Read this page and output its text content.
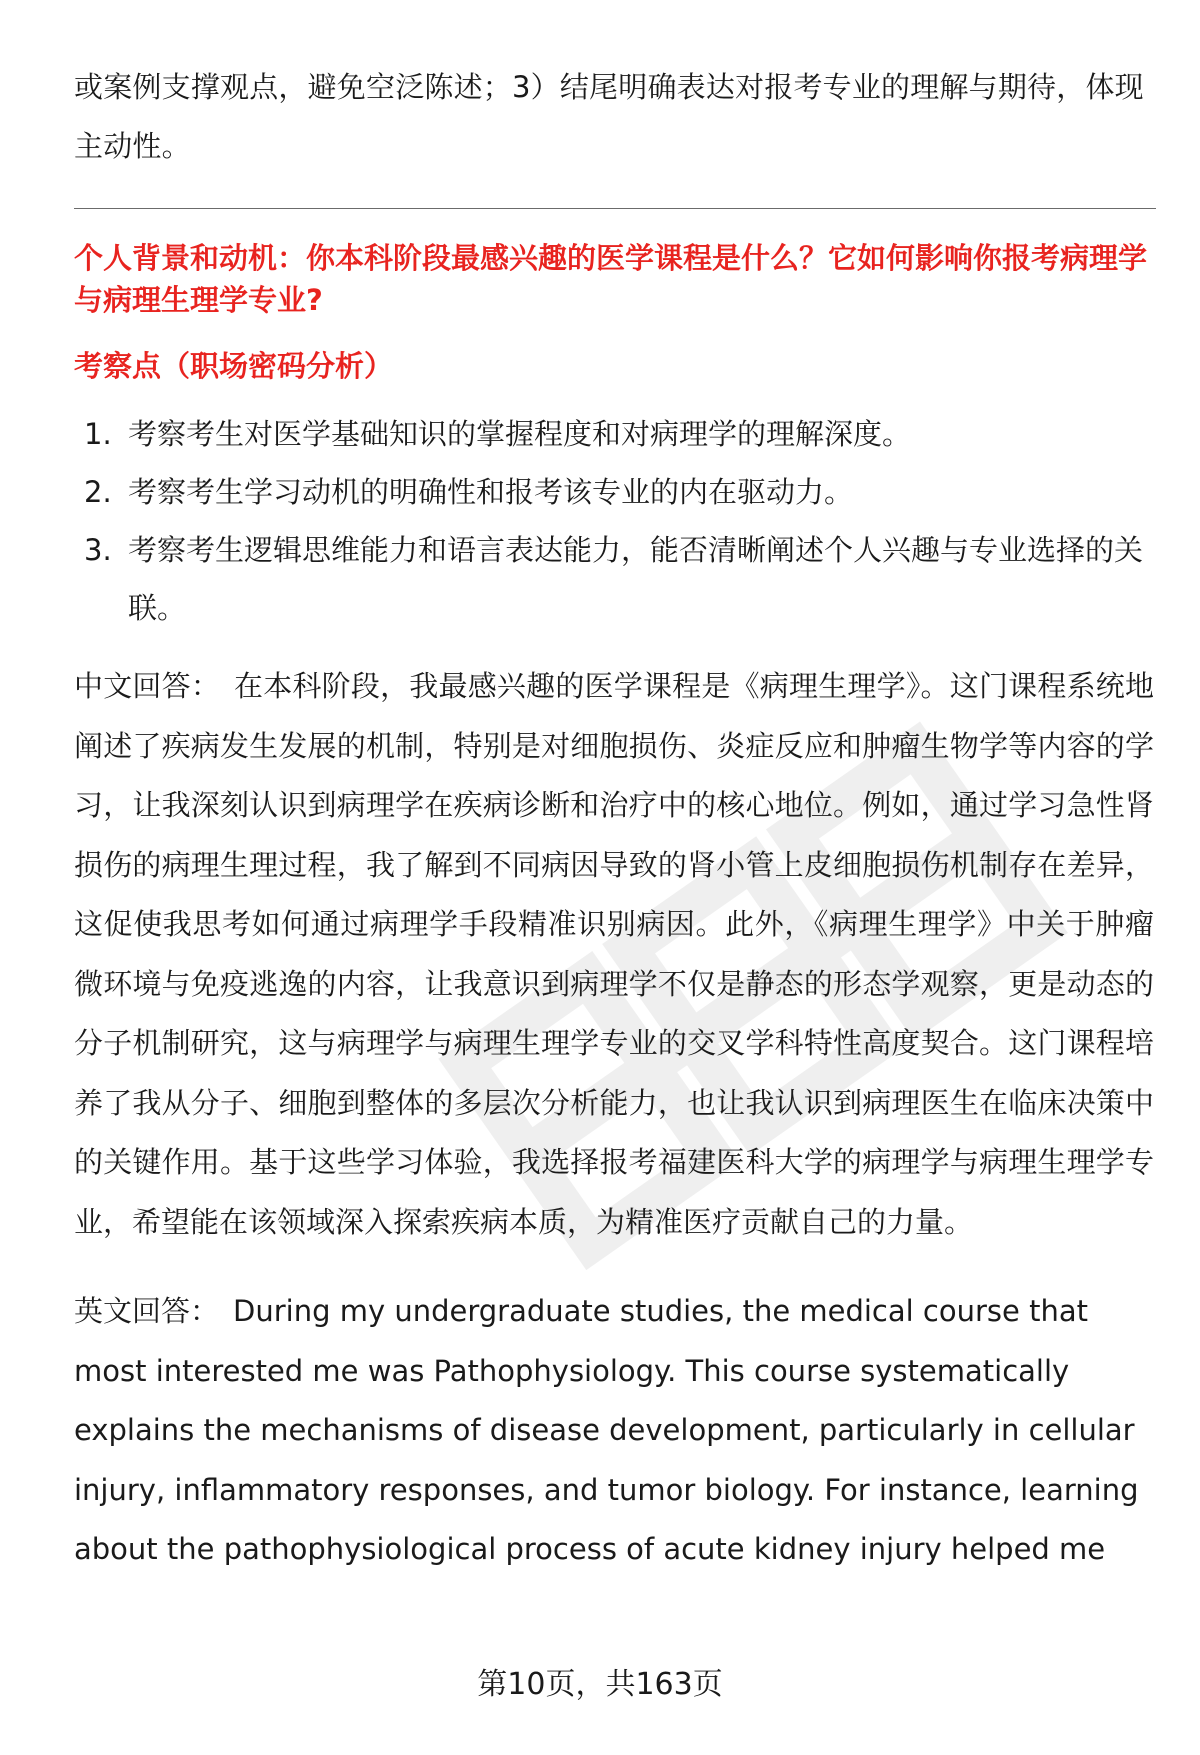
或案例支撑观点，避免空泛陈述；3）结尾明确表达对报考专业的理解与期待，体现主动性。

个人背景和动机：你本科阶段最感兴趣的医学课程是什么？它如何影响你报考病理学与病理生理学专业?

考察点（职场密码分析）

1. 考察考生对医学基础知识的掌握程度和对病理学的理解深度。
2. 考察考生学习动机的明确性和报考该专业的内在驱动力。
3. 考察考生逻辑思维能力和语言表达能力，能否清晰阐述个人兴趣与专业选择的关联。

中文回答： 在本科阶段，我最感兴趣的医学课程是《病理生理学》。这门课程系统地阐述了疾病发生发展的机制，特别是对细胞损伤、炎症反应和肿瘤生物学等内容的学习，让我深刻认识到病理学在疾病诊断和治疗中的核心地位。例如，通过学习急性肾损伤的病理生理过程，我了解到不同病因导致的肾小管上皮细胞损伤机制存在差异，这促使我思考如何通过病理学手段精准识别病因。此外，《病理生理学》中关于肿瘤微环境与免疫逃逸的内容，让我意识到病理学不仅是静态的形态学观察，更是动态的分子机制研究，这与病理学与病理生理学专业的交叉学科特性高度契合。这门课程培养了我从分子、细胞到整体的多层次分析能力，也让我认识到病理医生在临床决策中的关键作用。基于这些学习体验，我选择报考福建医科大学的病理学与病理生理学专业，希望能在该领域深入探索疾病本质，为精准医疗贡献自己的力量。

英文回答： During my undergraduate studies, the medical course that most interested me was Pathophysiology. This course systematically explains the mechanisms of disease development, particularly in cellular injury, inflammatory responses, and tumor biology. For instance, learning about the pathophysiological process of acute kidney injury helped me

第10页，共163页
